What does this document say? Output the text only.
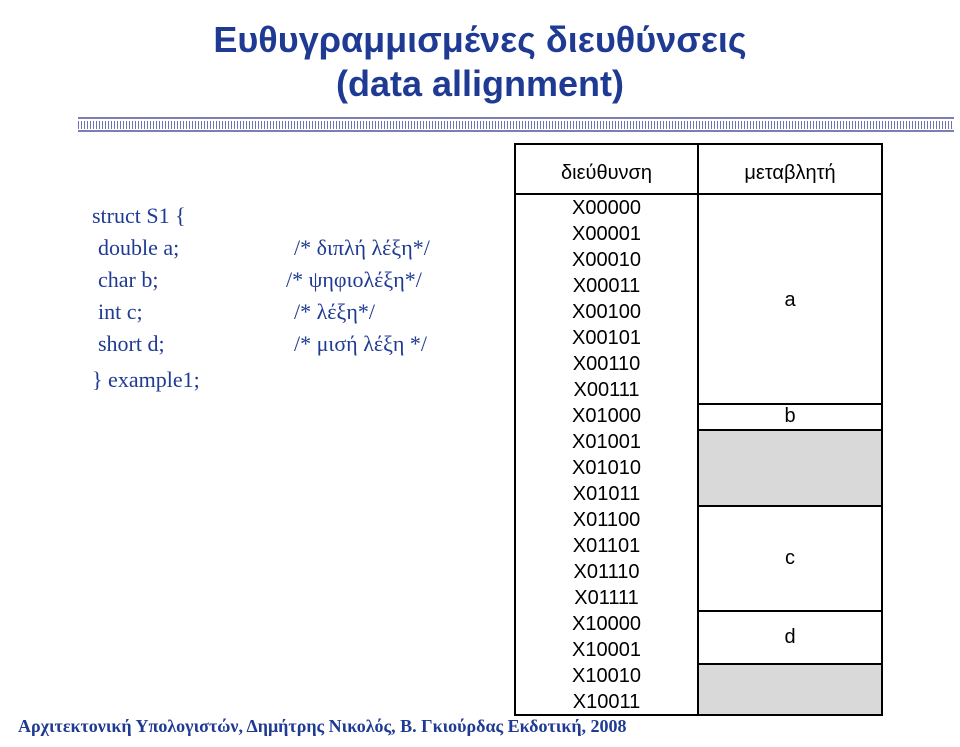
Ευθυγραμμισμένες διευθύνσεις
(data allignment)
struct S1 {
double a;
char b;
int c;
short d;
} example1;
/* διπλή λέξη*/
/* ψηφιολέξη*/
/* λέξη*/
/* μισή λέξη */
διεύθυνση	μεταβλητή
X00000
X00001
X00010
X00011
X00100
X00101
X00110
X00111
X01000
X01001
X01010
X01011
X01100
X01101
X01110
X01111
X10000
X10001
X10010
X10011
a
b
c
d
Αρχιτεκτονική Υπολογιστών, Δημήτρης Νικολός, Β. Γκιούρδας Εκδοτική, 2008
